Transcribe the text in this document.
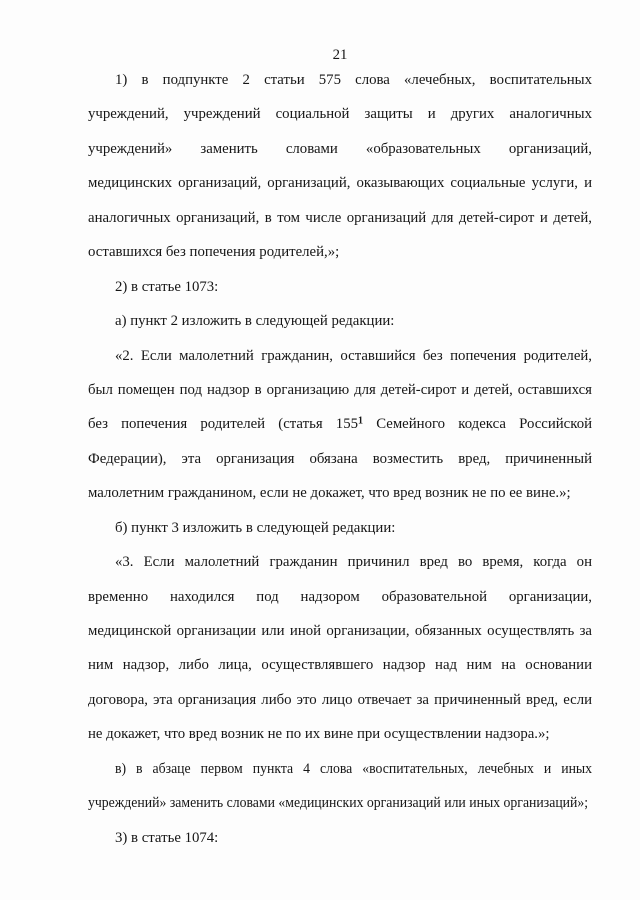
21
1) в подпункте 2 статьи 575 слова «лечебных, воспитательных
учреждений, учреждений социальной защиты и других аналогичных
учреждений» заменить словами «образовательных организаций,
медицинских организаций, организаций, оказывающих социальные услуги, и
аналогичных организаций, в том числе организаций для детей-сирот и детей,
оставшихся без попечения родителей,»;
2) в статье 1073:
а) пункт 2 изложить в следующей редакции:
«2. Если малолетний гражданин, оставшийся без попечения родителей,
был помещен под надзор в организацию для детей-сирот и детей, оставшихся
без попечения родителей (статья 155$^1$ Семейного кодекса Российской
Федерации), эта организация обязана возместить вред, причиненный
малолетним гражданином, если не докажет, что вред возник не по ее вине.»;
б) пункт 3 изложить в следующей редакции:
«3. Если малолетний гражданин причинил вред во время, когда он
временно находился под надзором образовательной организации,
медицинской организации или иной организации, обязанных осуществлять за
ним надзор, либо лица, осуществлявшего надзор над ним на основании
договора, эта организация либо это лицо отвечает за причиненный вред, если
не докажет, что вред возник не по их вине при осуществлении надзора.»;
в) в абзаце первом пункта 4 слова «воспитательных, лечебных и иных
учреждений» заменить словами «медицинских организаций или иных организаций»;
3) в статье 1074:
